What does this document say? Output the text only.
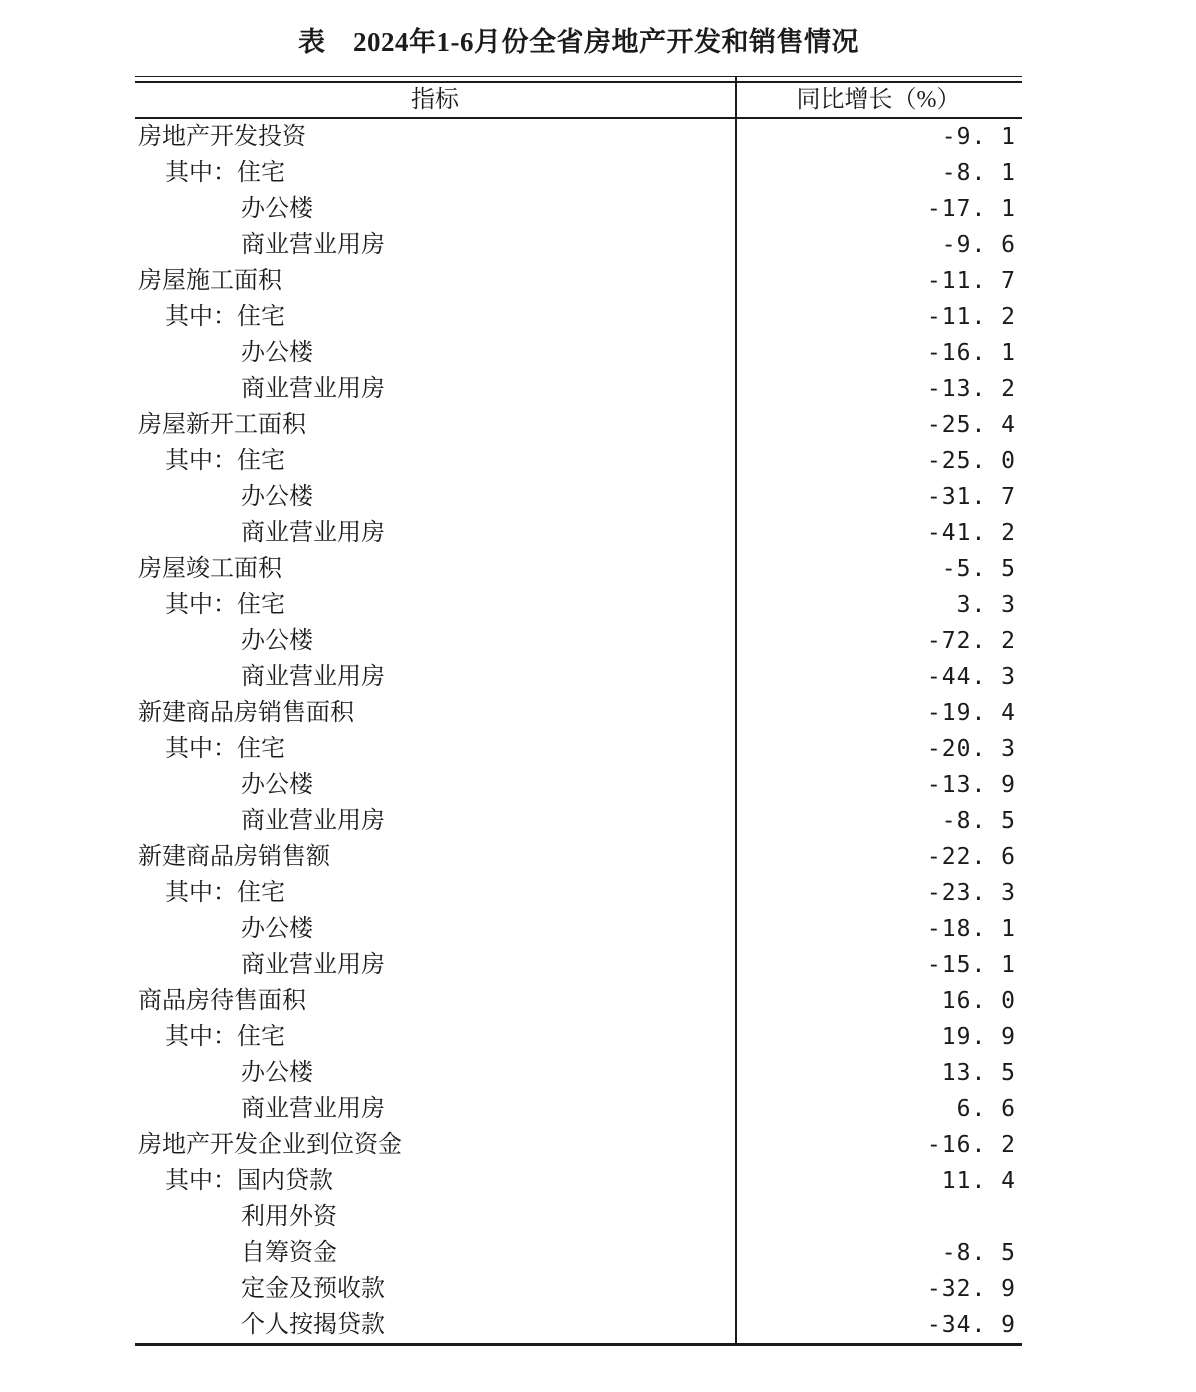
表　2024年1-6月份全省房地产开发和销售情况
指标	同比增长（%）
房地产开发投资	-9. 1
其中：住宅	-8. 1
办公楼	-17. 1
商业营业用房	-9. 6
房屋施工面积	-11. 7
其中：住宅	-11. 2
办公楼	-16. 1
商业营业用房	-13. 2
房屋新开工面积	-25. 4
其中：住宅	-25. 0
办公楼	-31. 7
商业营业用房	-41. 2
房屋竣工面积	-5. 5
其中：住宅	3. 3
办公楼	-72. 2
商业营业用房	-44. 3
新建商品房销售面积	-19. 4
其中：住宅	-20. 3
办公楼	-13. 9
商业营业用房	-8. 5
新建商品房销售额	-22. 6
其中：住宅	-23. 3
办公楼	-18. 1
商业营业用房	-15. 1
商品房待售面积	16. 0
其中：住宅	19. 9
办公楼	13. 5
商业营业用房	6. 6
房地产开发企业到位资金	-16. 2
其中：国内贷款	11. 4
利用外资
自筹资金	-8. 5
定金及预收款	-32. 9
个人按揭贷款	-34. 9
